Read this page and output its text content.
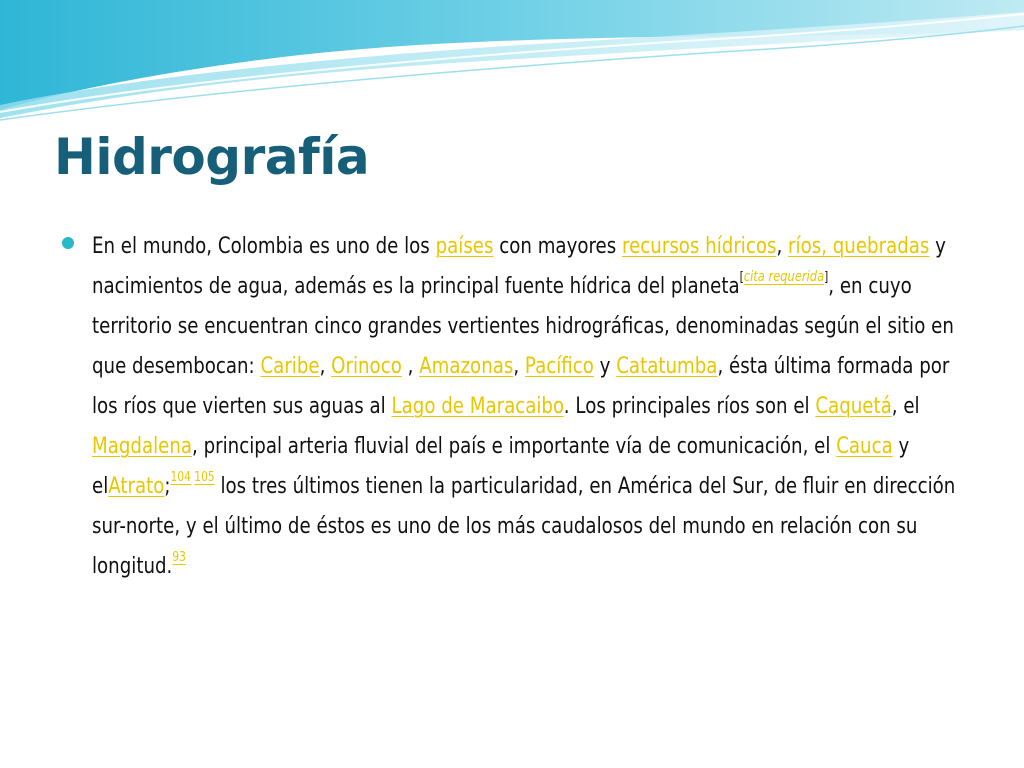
Hidrografía
En el mundo, Colombia es uno de los países con mayores recursos hídricos, ríos, quebradas y nacimientos de agua, además es la principal fuente hídrica del planeta[cita requerida], en cuyo territorio se encuentran cinco grandes vertientes hidrográficas, denominadas según el sitio en que desembocan: Caribe, Orinoco , Amazonas, Pacífico y Catatumba, ésta última formada por los ríos que vierten sus aguas al Lago de Maracaibo. Los principales ríos son el Caquetá, el Magdalena, principal arteria fluvial del país e importante vía de comunicación, el Cauca y elAtrato;$^{104 105}$ los tres últimos tienen la particularidad, en América del Sur, de fluir en dirección sur-norte, y el último de éstos es uno de los más caudalosos del mundo en relación con su longitud.$^{93}$
